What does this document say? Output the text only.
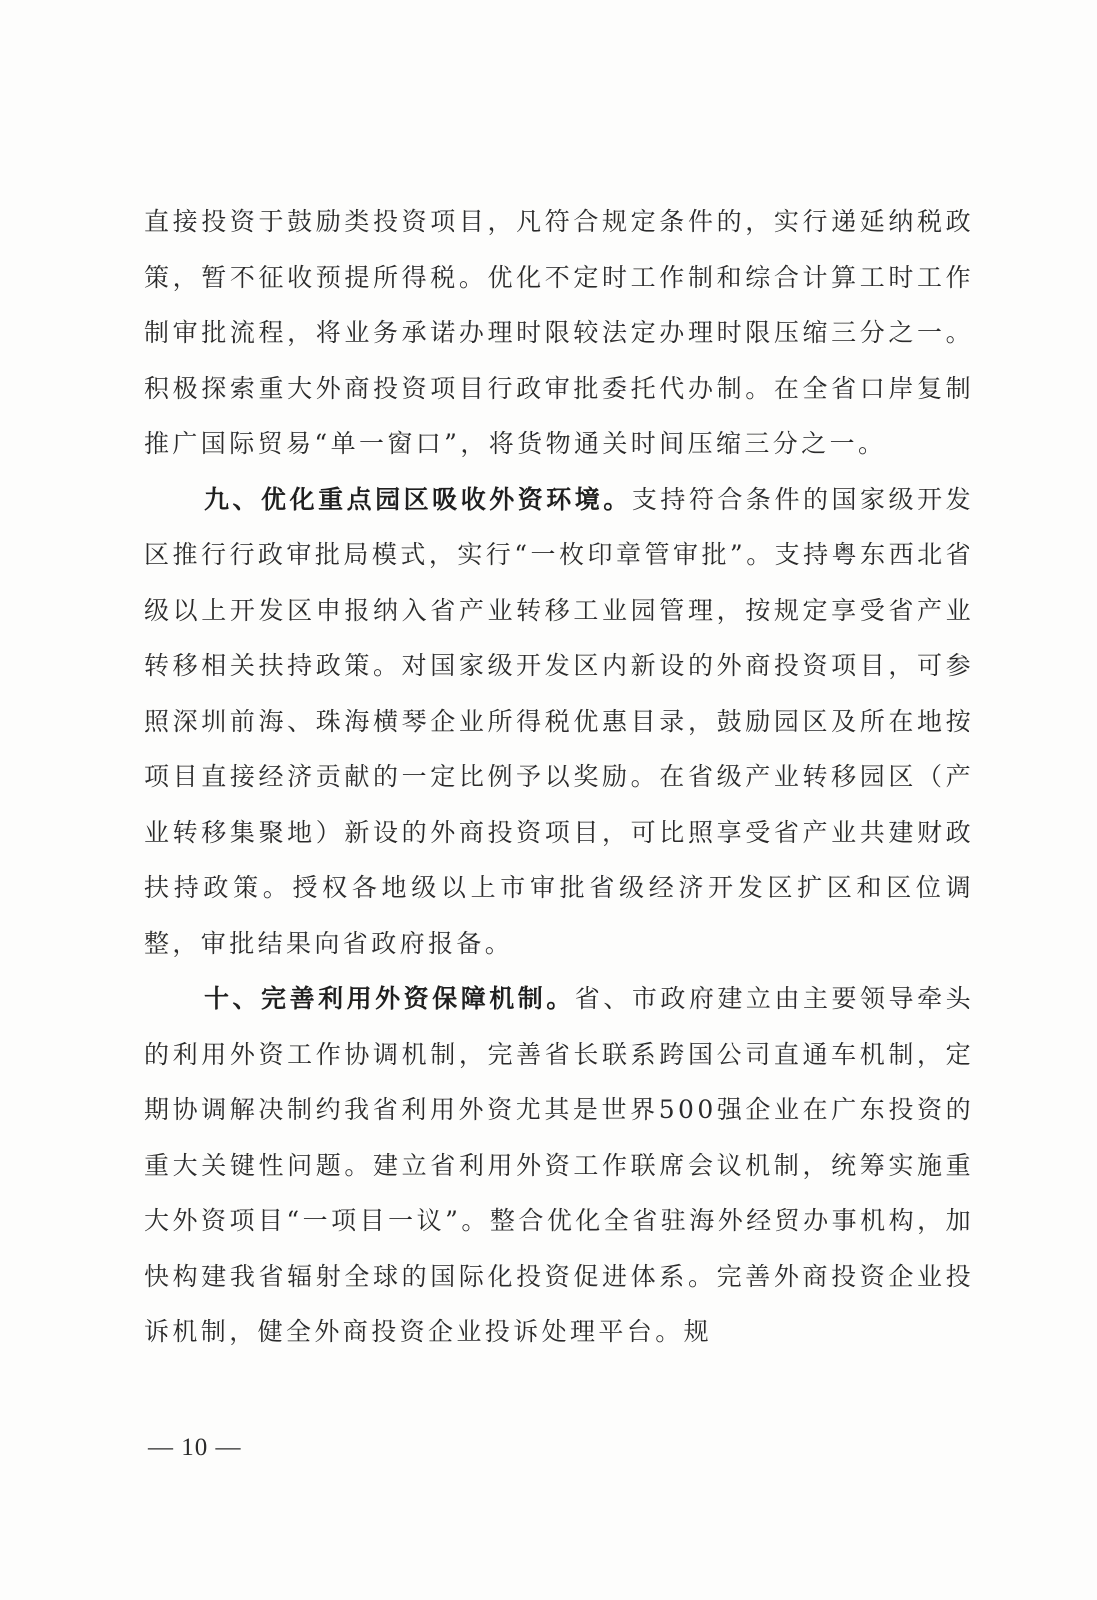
直接投资于鼓励类投资项目，凡符合规定条件的，实行递延纳税政策，暂不征收预提所得税。优化不定时工作制和综合计算工时工作制审批流程，将业务承诺办理时限较法定办理时限压缩三分之一。积极探索重大外商投资项目行政审批委托代办制。在全省口岸复制推广国际贸易“单一窗口”，将货物通关时间压缩三分之一。

九、优化重点园区吸收外资环境。支持符合条件的国家级开发区推行行政审批局模式，实行“一枚印章管审批”。支持粤东西北省级以上开发区申报纳入省产业转移工业园管理，按规定享受省产业转移相关扶持政策。对国家级开发区内新设的外商投资项目，可参照深圳前海、珠海横琴企业所得税优惠目录，鼓励园区及所在地按项目直接经济贡献的一定比例予以奖励。在省级产业转移园区（产业转移集聚地）新设的外商投资项目，可比照享受省产业共建财政扶持政策。授权各地级以上市审批省级经济开发区扩区和区位调整，审批结果向省政府报备。

十、完善利用外资保障机制。省、市政府建立由主要领导牵头的利用外资工作协调机制，完善省长联系跨国公司直通车机制，定期协调解决制约我省利用外资尤其是世界500强企业在广东投资的重大关键性问题。建立省利用外资工作联席会议机制，统筹实施重大外资项目“一项目一议”。整合优化全省驻海外经贸办事机构，加快构建我省辐射全球的国际化投资促进体系。完善外商投资企业投诉机制，健全外商投资企业投诉处理平台。规

— 10 —
